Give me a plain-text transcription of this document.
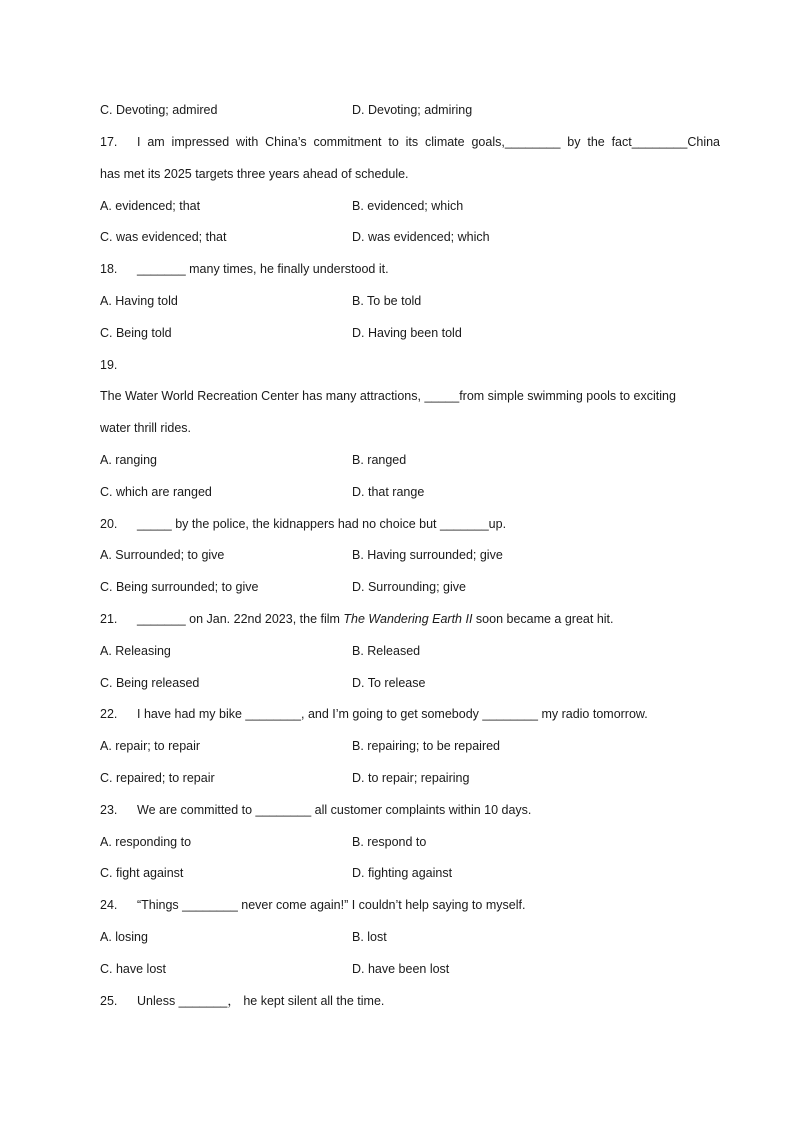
C. Devoting; admired	D. Devoting; admiring
17. I am impressed with China’s commitment to its climate goals,________ by the fact________China
has met its 2025 targets three years ahead of schedule.
A. evidenced; that	B. evidenced; which
C. was evidenced; that	D. was evidenced; which
18. _______ many times, he finally understood it.
A. Having told	B. To be told
C. Being told	D. Having been told
19.
The Water World Recreation Center has many attractions, _____from simple swimming pools to exciting
water thrill rides.
A. ranging	B. ranged
C. which are ranged	D. that range
20. _____ by the police, the kidnappers had no choice but _______up.
A. Surrounded; to give	B. Having surrounded; give
C. Being surrounded; to give	D. Surrounding; give
21. _______ on Jan. 22nd 2023, the film The Wandering Earth II soon became a great hit.
A. Releasing	B. Released
C. Being released	D. To release
22. I have had my bike ________, and I’m going to get somebody ________ my radio tomorrow.
A. repair; to repair	B. repairing; to be repaired
C. repaired; to repair	D. to repair; repairing
23. We are committed to ________ all customer complaints within 10 days.
A. responding to	B. respond to
C. fight against	D. fighting against
24. “Things ________ never come again!” I couldn’t help saying to myself.
A. losing	B. lost
C. have lost	D. have been lost
25. Unless _______， he kept silent all the time.
